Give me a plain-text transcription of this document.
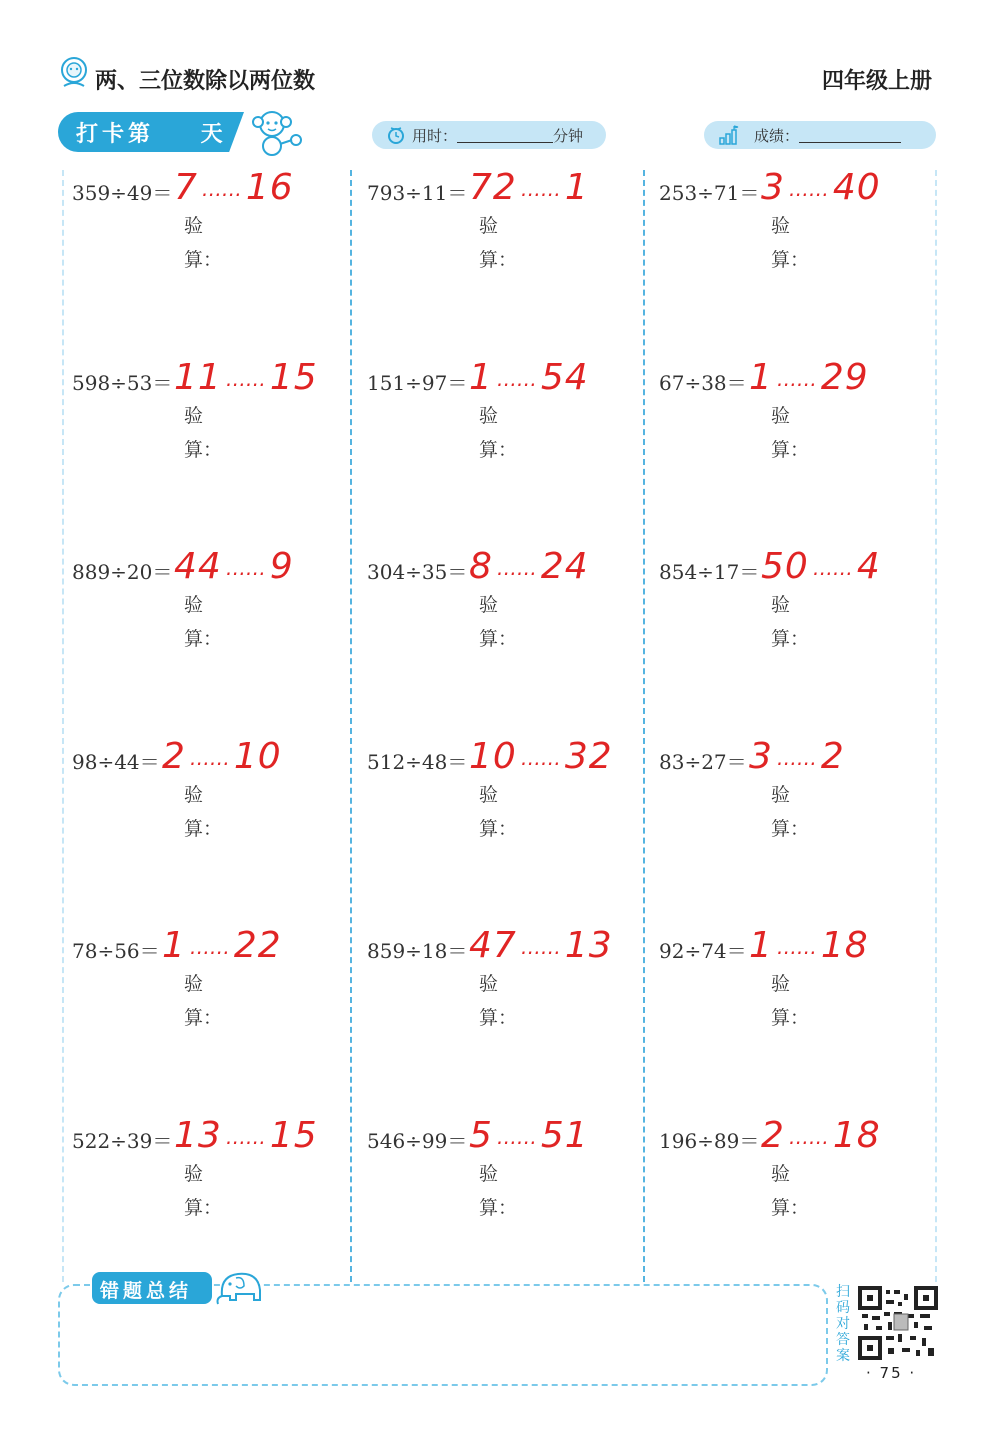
两、三位数除以两位数	四年级上册
打卡第    天	用时：	分钟	成绩：
359÷49＝ 7 …… 16
验
算：
598÷53＝ 11 …… 15
验
算：
889÷20＝ 44 …… 9
验
算：
98÷44＝ 2 …… 10
验
算：
78÷56＝ 1 …… 22
验
算：
522÷39＝ 13 …… 15
验
算：
793÷11＝ 72 …… 1
验
算：
151÷97＝ 1 …… 54
验
算：
304÷35＝ 8 …… 24
验
算：
512÷48＝ 10 …… 32
验
算：
859÷18＝ 47 …… 13
验
算：
546÷99＝ 5 …… 51
验
算：
253÷71＝ 3 …… 40
验
算：
67÷38＝ 1 …… 29
验
算：
854÷17＝ 50 …… 4
验
算：
83÷27＝ 3 …… 2
验
算：
92÷74＝ 1 …… 18
验
算：
196÷89＝ 2 …… 18
验
算：
错题总结	扫码对答案
· 75 ·
